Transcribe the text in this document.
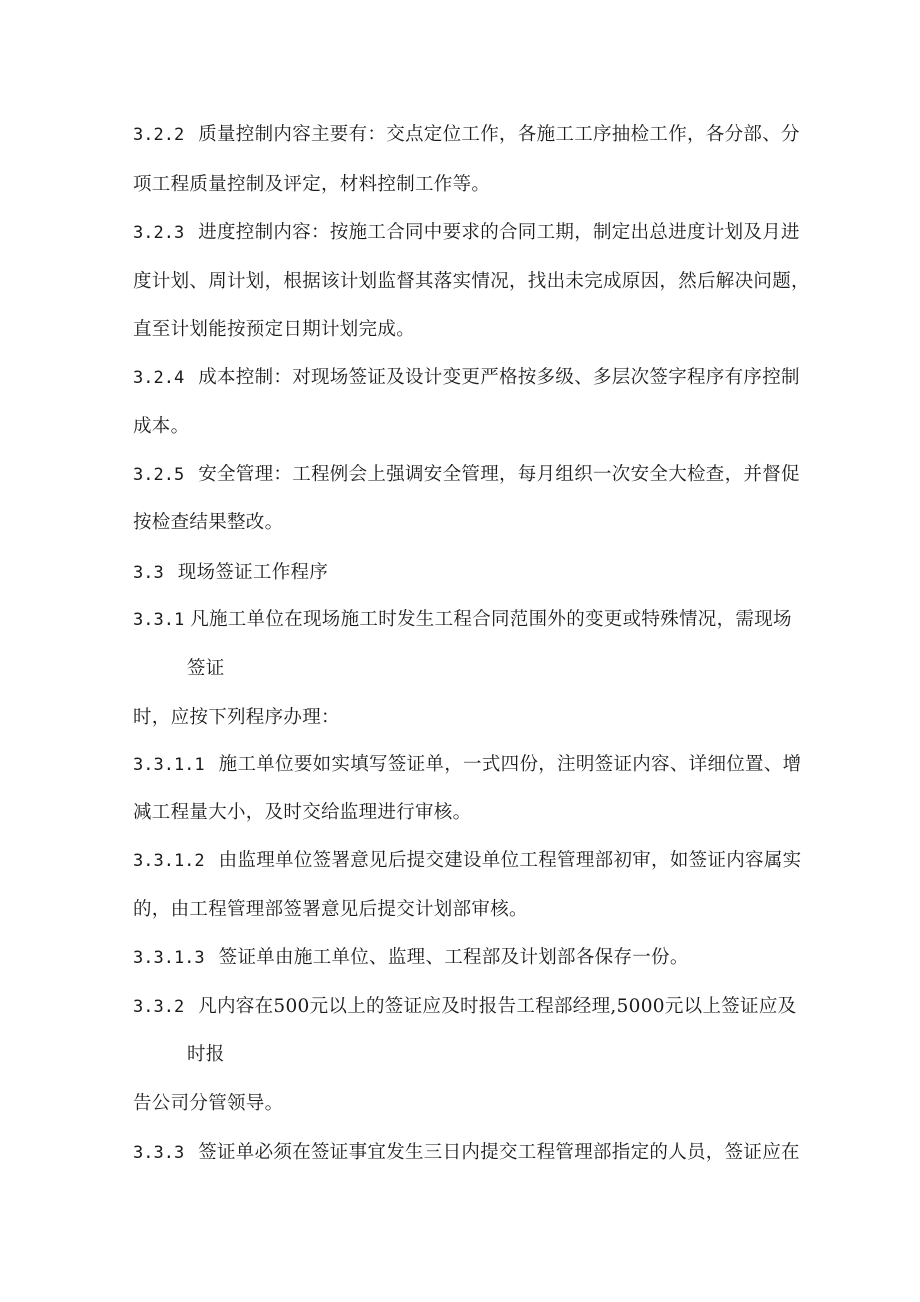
3.2.2 质量控制内容主要有：交点定位工作，各施工工序抽检工作，各分部、分
项工程质量控制及评定，材料控制工作等。
3.2.3 进度控制内容：按施工合同中要求的合同工期，制定出总进度计划及月进
度计划、周计划，根据该计划监督其落实情况，找出未完成原因，然后解决问题，
直至计划能按预定日期计划完成。
3.2.4 成本控制：对现场签证及设计变更严格按多级、多层次签字程序有序控制
成本。
3.2.5 安全管理：工程例会上强调安全管理，每月组织一次安全大检查，并督促
按检查结果整改。
3.3 现场签证工作程序
3.3.1 凡施工单位在现场施工时发生工程合同范围外的变更或特殊情况，需现场
签证
时，应按下列程序办理：
3.3.1.1 施工单位要如实填写签证单，一式四份，注明签证内容、详细位置、增
减工程量大小，及时交给监理进行审核。
3.3.1.2 由监理单位签署意见后提交建设单位工程管理部初审，如签证内容属实
的，由工程管理部签署意见后提交计划部审核。
3.3.1.3 签证单由施工单位、监理、工程部及计划部各保存一份。
3.3.2 凡内容在500元以上的签证应及时报告工程部经理,5000元以上签证应及
时报
告公司分管领导。
3.3.3 签证单必须在签证事宜发生三日内提交工程管理部指定的人员，签证应在
